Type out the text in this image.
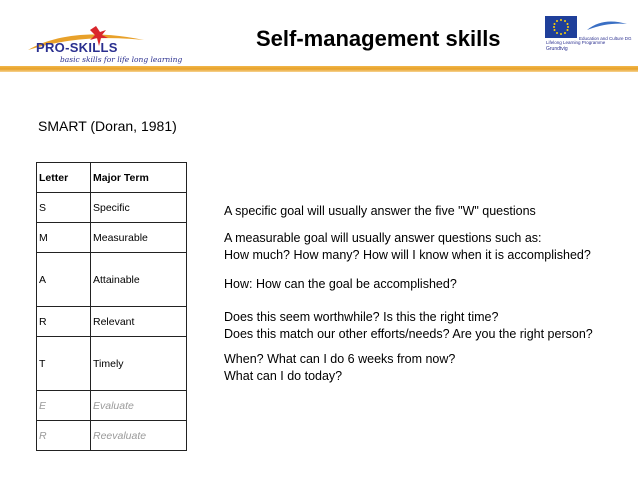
PRO-SKILLS
basic skills for life long learning
Self-management skills	Education and Culture DG
Lifelong Learning Programme
Grundtvig
SMART (Doran, 1981)
Letter	Major Term
S	Specific
M	Measurable
A	Attainable
R	Relevant
T	Timely
E	Evaluate
R	Reevaluate
A specific goal will usually answer the five "W" questions
A measurable goal will usually answer questions such as:
How much? How many? How will I know when it is accomplished?
How: How can the goal be accomplished?
Does this seem worthwhile? Is this the right time?
Does this match our other efforts/needs? Are you the right person?
When? What can I do 6 weeks from now?
What can I do today?
